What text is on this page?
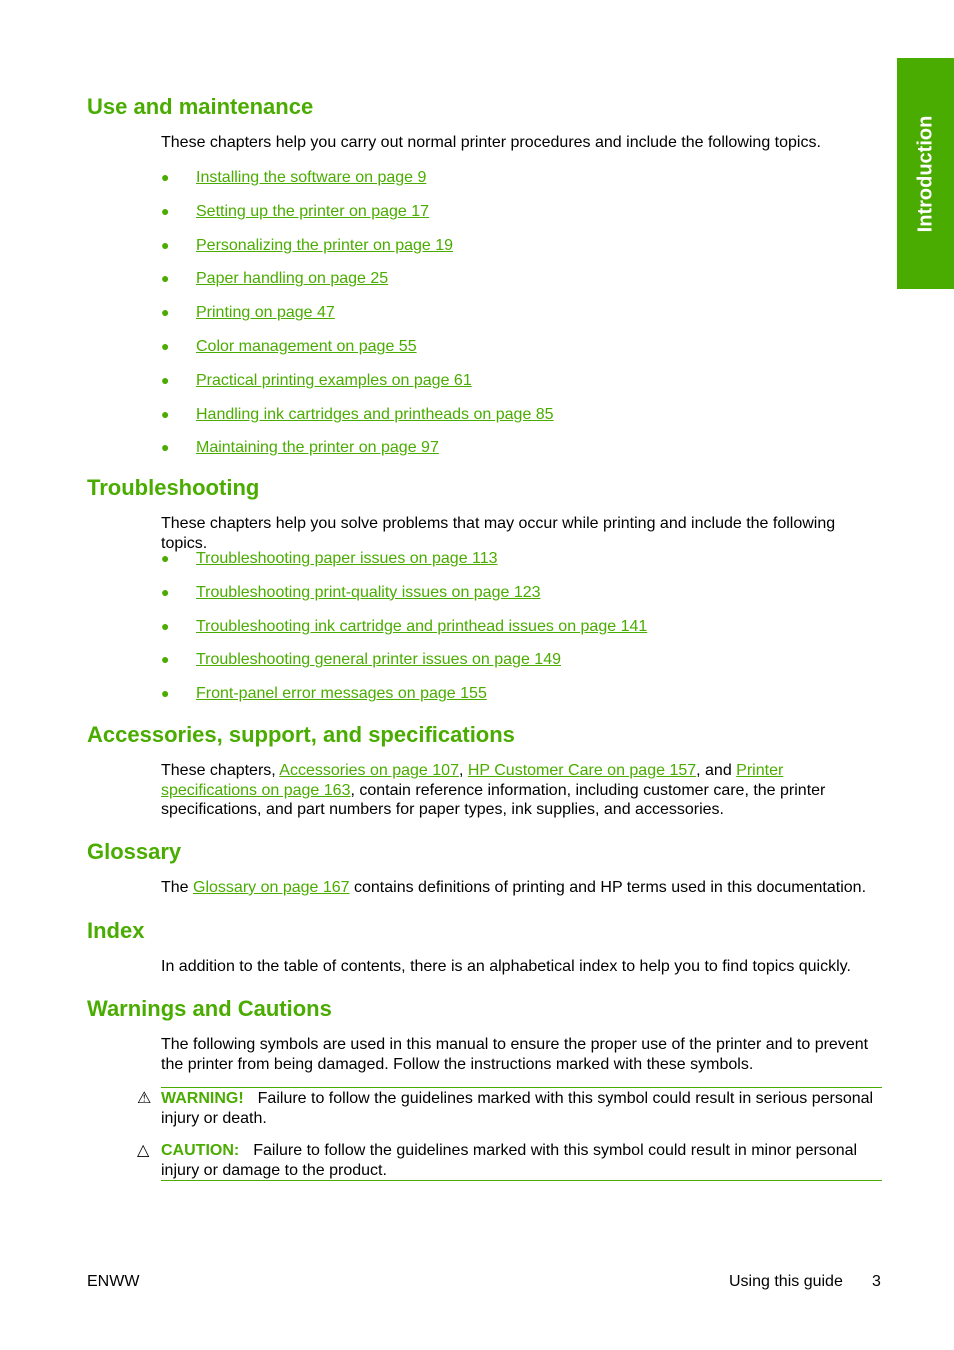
Introduction
Use and maintenance

These chapters help you carry out normal printer procedures and include the following topics.

● Installing the software on page 9
● Setting up the printer on page 17
● Personalizing the printer on page 19
● Paper handling on page 25
● Printing on page 47
● Color management on page 55
● Practical printing examples on page 61
● Handling ink cartridges and printheads on page 85
● Maintaining the printer on page 97
Troubleshooting

These chapters help you solve problems that may occur while printing and include the following topics.

● Troubleshooting paper issues on page 113
● Troubleshooting print-quality issues on page 123
● Troubleshooting ink cartridge and printhead issues on page 141
● Troubleshooting general printer issues on page 149
● Front-panel error messages on page 155
Accessories, support, and specifications

These chapters, Accessories on page 107, HP Customer Care on page 157, and Printer specifications on page 163, contain reference information, including customer care, the printer specifications, and part numbers for paper types, ink supplies, and accessories.

Glossary

The Glossary on page 167 contains definitions of printing and HP terms used in this documentation.

Index

In addition to the table of contents, there is an alphabetical index to help you to find topics quickly.

Warnings and Cautions

The following symbols are used in this manual to ensure the proper use of the printer and to prevent the printer from being damaged. Follow the instructions marked with these symbols.

⚠ WARNING! Failure to follow the guidelines marked with this symbol could result in serious personal injury or death.
△ CAUTION: Failure to follow the guidelines marked with this symbol could result in minor personal injury or damage to the product.
ENWW	Using this guide 3
